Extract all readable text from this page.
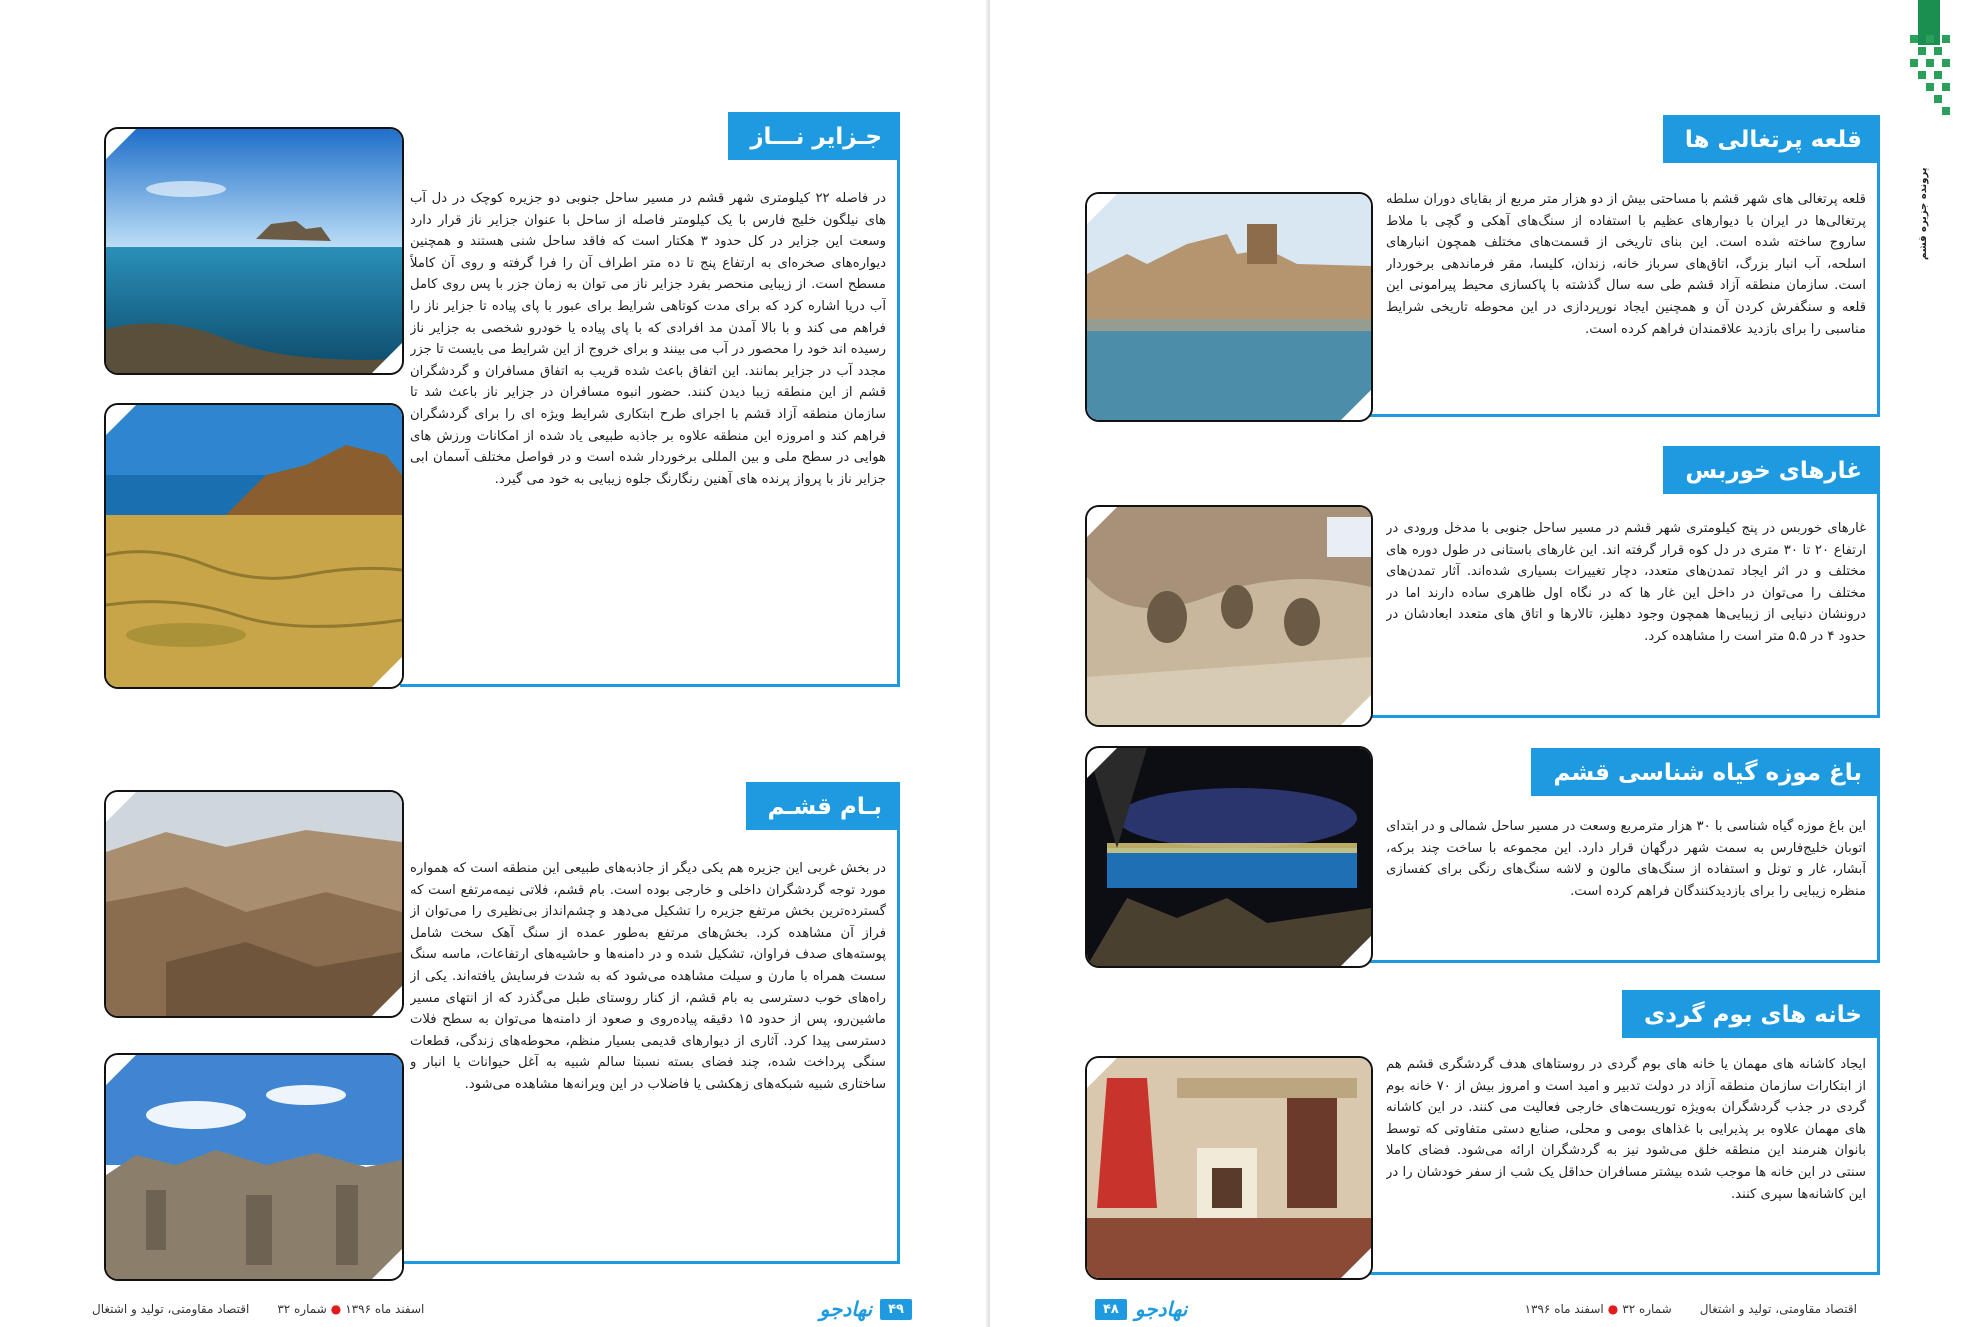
جـزایر نـــاز

در فاصله ۲۲ کیلومتری شهر قشم در مسیر ساحل جنوبی دو جزیره کوچک در دل آب های نیلگون خلیج فارس با یک کیلومتر فاصله از ساحل با عنوان جزایر ناز قرار دارد وسعت این جزایر در کل حدود ۳ هکتار است که فاقد ساحل شنی هستند و همچنین دیواره‌های صخره‌ای به ارتفاع پنج تا ده متر اطراف آن را فرا گرفته و روی آن کاملاً مسطح است. از زیبایی منحصر بفرد جزایر ناز می توان به زمان جزر با پس روی کامل آب دریا اشاره کرد که برای مدت کوتاهی شرایط برای عبور با پای پیاده تا جزایر ناز را فراهم می کند و با بالا آمدن مد افرادی که با پای پیاده یا خودرو شخصی به جزایر ناز رسیده اند خود را محصور در آب می بینند و برای خروج از این شرایط می بایست تا جزر مجدد آب در جزایر بمانند. این اتفاق باعث شده قریب به اتفاق مسافران و گردشگران قشم از این منطقه زیبا دیدن کنند. حضور انبوه مسافران در جزایر ناز باعث شد تا سازمان منطقه آزاد قشم با اجرای طرح ابتکاری شرایط ویژه ای را برای گردشگران فراهم کند و امروزه این منطقه علاوه بر جاذبه طبیعی یاد شده از امکانات ورزش های هوایی در سطح ملی و بین المللی برخوردار شده است و در فواصل مختلف آسمان ابی جزایر ناز با پرواز پرنده های آهنین رنگارنگ جلوه زیبایی به خود می گیرد.

بـام قشـم

در بخش غربی این جزیره هم یکی دیگر از جاذبه‌های طبیعی این منطقه است که همواره مورد توجه گردشگران داخلی و خارجی بوده است. بام قشم، فلاتی نیمه‌مرتفع است که گسترده‌ترین بخش مرتفع جزیره را تشکیل می‌دهد و چشم‌انداز بی‌نظیری را می‌توان از فراز آن مشاهده کرد. بخش‌های مرتفع به‌طور عمده از سنگ آهک سخت شامل پوسته‌های صدف فراوان، تشکیل شده و در دامنه‌ها و حاشیه‌های ارتفاعات، ماسه سنگ سست همراه با مارن و سیلت مشاهده می‌شود که به شدت فرسایش یافته‌اند. یکی از راه‌های خوب دسترسی به بام قشم، از کنار روستای طبل می‌گذرد که از انتهای مسیر ماشین‌رو، پس از حدود ۱۵ دقیقه پیاده‌روی و صعود از دامنه‌ها می‌توان به سطح فلات دسترسی پیدا کرد. آثاری از دیوارهای قدیمی بسیار منظم، محوطه‌های زندگی، قطعات سنگی پرداخت شده، چند فضای بسته نسبتا سالم شبیه به آغل حیوانات یا انبار و ساختاری شبیه شبکه‌های زهکشی یا فاضلاب در این ویرانه‌ها مشاهده می‌شود.

۴۹
نهادجو
اسفند ماه ۱۳۹۶
●
شماره ۳۲
اقتصاد مقاومتی، تولید و اشتغال
پرونده جزیره قشم
قلعه پرتغالی ها

قلعه پرتغالی های شهر قشم با مساحتی بیش از دو هزار متر مربع از بقایای دوران سلطه پرتغالی‌ها در ایران با دیوارهای عظیم با استفاده از سنگ‌های آهکی و گچی با ملاط ساروج ساخته شده است. این بنای تاریخی از قسمت‌های مختلف همچون انبارهای اسلحه، آب انبار بزرگ، اتاق‌های سرباز خانه، زندان، کلیسا، مقر فرماندهی برخوردار است. سازمان منطقه آزاد قشم طی سه سال گذشته با پاکسازی محیط پیرامونی این قلعه و سنگفرش کردن آن و همچنین ایجاد نورپردازی در این محوطه تاریخی شرایط مناسبی را برای بازدید علاقمندان فراهم کرده است.

غارهای خوربس

غارهای خوربس در پنج کیلومتری شهر قشم در مسیر ساحل جنوبی با مدخل ورودی در ارتفاع ۲۰ تا ۳۰ متری در دل کوه قرار گرفته اند. این غارهای باستانی در طول دوره های مختلف و در اثر ایجاد تمدن‌های متعدد، دچار تغییرات بسیاری شده‌اند. آثار تمدن‌های مختلف را می‌توان در داخل این غار ها که در نگاه اول ظاهری ساده دارند اما در درونشان دنیایی از زیبایی‌ها همچون وجود دهلیز، تالارها و اتاق های متعدد ابعادشان در حدود ۴ در ۵.۵ متر است را مشاهده کرد.

باغ موزه گیاه شناسی قشم

این باغ موزه گیاه شناسی با ۳۰ هزار مترمربع وسعت در مسیر ساحل شمالی و در ابتدای اتوبان خلیج‌فارس به سمت شهر درگهان قرار دارد. این مجموعه با ساخت چند برکه، آبشار، غار و تونل و استفاده از سنگ‌های مالون و لاشه سنگ‌های رنگی برای کفسازی منظره زیبایی را برای بازدیدکنندگان فراهم کرده است.

خانه های بوم گردی

ایجاد کاشانه های مهمان یا خانه های بوم گردی در روستاهای هدف گردشگری قشم هم از ابتکارات سازمان منطقه آزاد در دولت تدبیر و امید است و امروز بیش از ۷۰ خانه بوم گردی در جذب گردشگران به‌ویژه توریست‌های خارجی فعالیت می کنند. در این کاشانه های مهمان علاوه بر پذیرایی با غذاهای بومی و محلی، صنایع دستی متفاوتی که توسط بانوان هنرمند این منطقه خلق می‌شود نیز به گردشگران ارائه می‌شود. فضای کاملا سنتی در این خانه ها موجب شده بیشتر مسافران حداقل یک شب از سفر خودشان را در این کاشانه‌ها سپری کنند.

اقتصاد مقاومتی، تولید و اشتغال
شماره ۳۲
●
اسفند ماه ۱۳۹۶
نهادجو
۴۸
